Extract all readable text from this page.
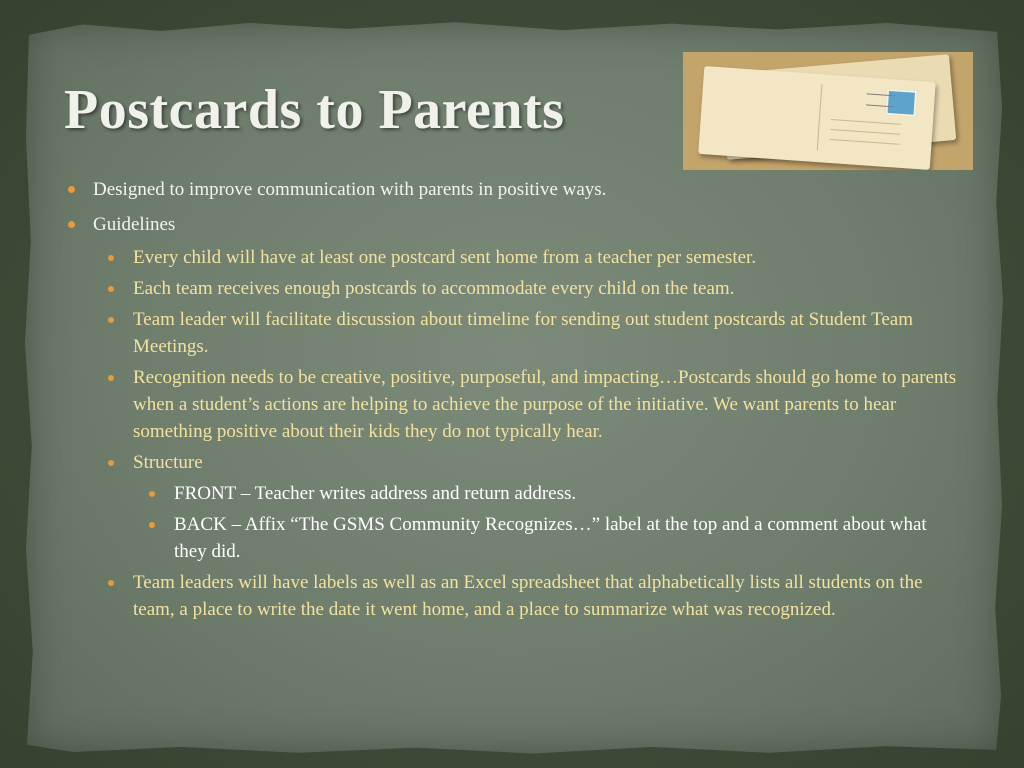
Postcards to Parents
Designed to improve communication with parents in positive ways.
Guidelines
Every child will have at least one postcard sent home from a teacher per semester.
Each team receives enough postcards to accommodate every child on the team.
Team leader will facilitate discussion about timeline for sending out student postcards at Student Team Meetings.
Recognition needs to be creative, positive, purposeful, and impacting…Postcards should go home to parents when a student’s actions are helping to achieve the purpose of the initiative. We want parents to hear something positive about their kids they do not typically hear.
Structure
FRONT – Teacher writes address and return address.
BACK – Affix “The GSMS Community Recognizes…” label at the top and a comment about what they did.
Team leaders will have labels as well as an Excel spreadsheet that alphabetically lists all students on the team, a place to write the date it went home, and a place to summarize what was recognized.
